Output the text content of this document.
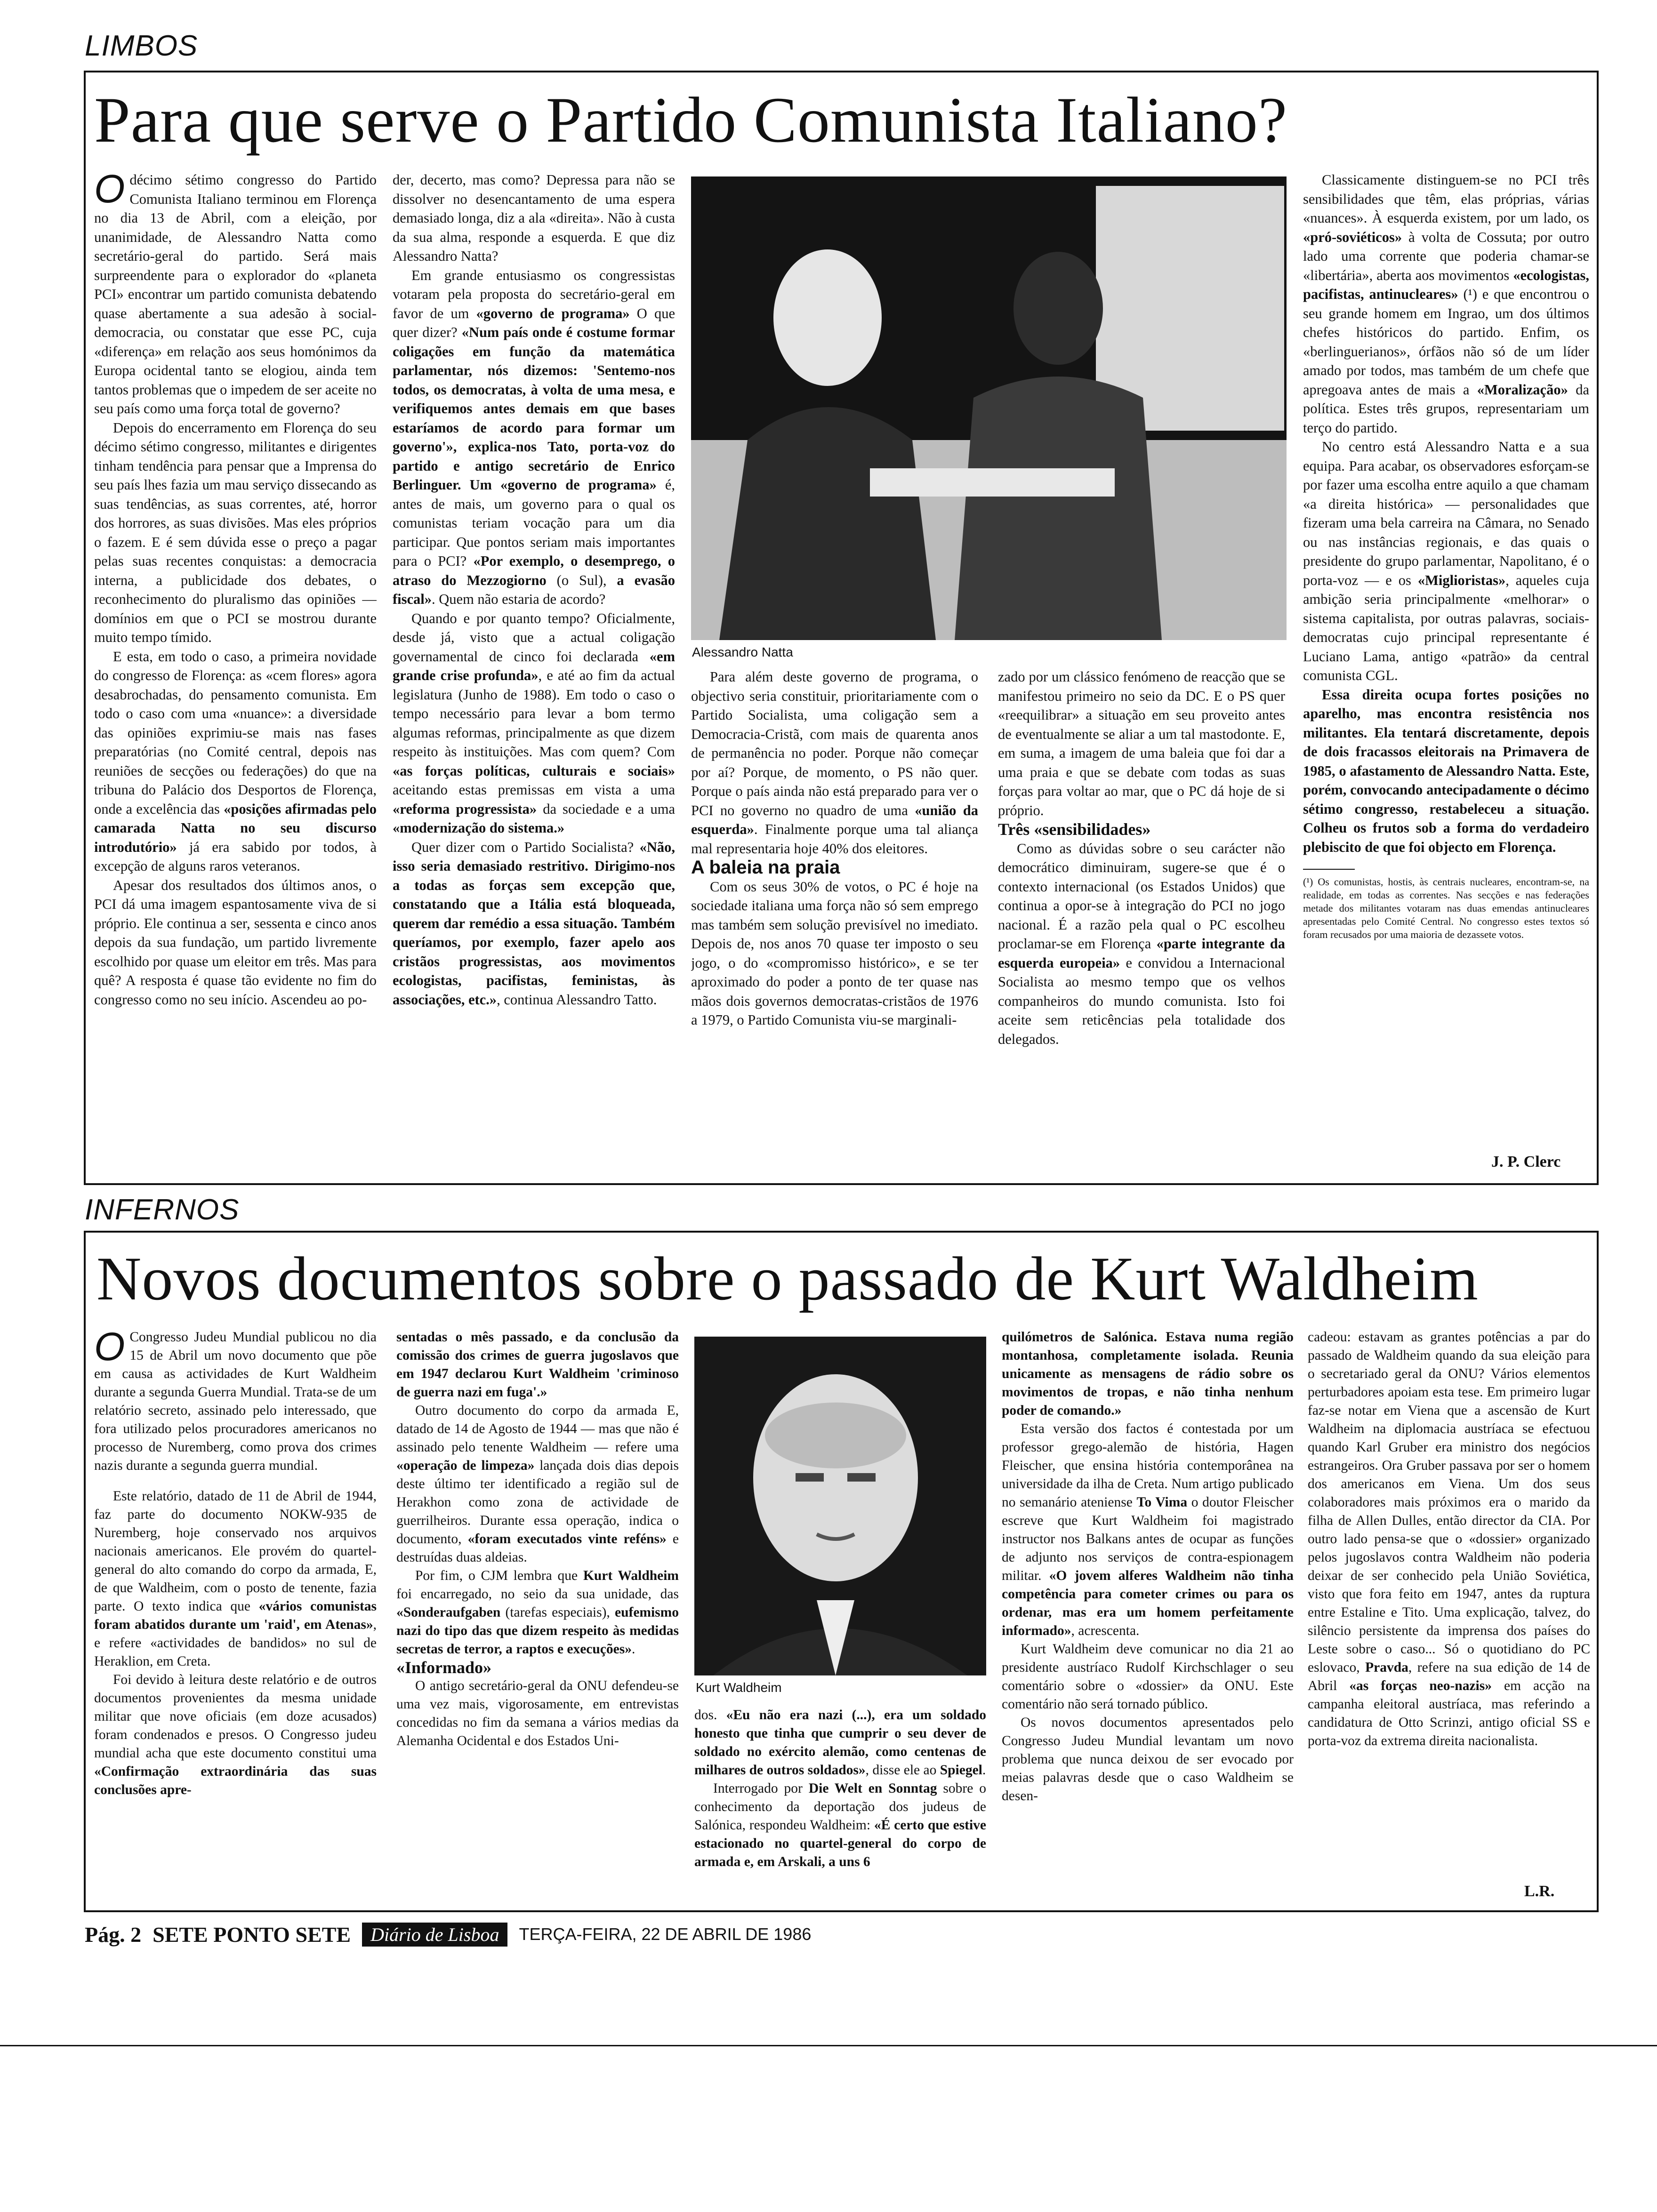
LIMBOS
Para que serve o Partido Comunista Italiano?

Odécimo sétimo congresso do Partido Comunista Italiano terminou em Florença no dia 13 de Abril, com a eleição, por unanimidade, de Alessandro Natta como secretário-geral do partido. Será mais surpreendente para o explorador do «planeta PCI» encontrar um partido comunista debatendo quase abertamente a sua adesão à social-democracia, ou constatar que esse PC, cuja «diferença» em relação aos seus homónimos da Europa ocidental tanto se elogiou, ainda tem tantos problemas que o impedem de ser aceite no seu país como uma força total de governo?

Depois do encerramento em Florença do seu décimo sétimo congresso, militantes e dirigentes tinham tendência para pensar que a Imprensa do seu país lhes fazia um mau serviço dissecando as suas tendências, as suas correntes, até, horror dos horrores, as suas divisões. Mas eles próprios o fazem. E é sem dúvida esse o preço a pagar pelas suas recentes conquistas: a democracia interna, a publicidade dos debates, o reconhecimento do pluralismo das opiniões — domínios em que o PCI se mostrou durante muito tempo tímido.

E esta, em todo o caso, a primeira novidade do congresso de Florença: as «cem flores» agora desabrochadas, do pensamento comunista. Em todo o caso com uma «nuance»: a diversidade das opiniões exprimiu-se mais nas fases preparatórias (no Comité central, depois nas reuniões de secções ou federações) do que na tribuna do Palácio dos Desportos de Florença, onde a excelência das «posições afirmadas pelo camarada Natta no seu discurso introdutório» já era sabido por todos, à excepção de alguns raros veteranos.

Apesar dos resultados dos últimos anos, o PCI dá uma imagem espantosamente viva de si próprio. Ele continua a ser, sessenta e cinco anos depois da sua fundação, um partido livremente escolhido por quase um eleitor em três. Mas para quê? A resposta é quase tão evidente no fim do congresso como no seu início. Ascendeu ao po-

der, decerto, mas como? Depressa para não se dissolver no desencantamento de uma espera demasiado longa, diz a ala «direita». Não à custa da sua alma, responde a esquerda. E que diz Alessandro Natta?

Em grande entusiasmo os congressistas votaram pela proposta do secretário-geral em favor de um «governo de programa» O que quer dizer? «Num país onde é costume formar coligações em função da matemática parlamentar, nós dizemos: 'Sentemo-nos todos, os democratas, à volta de uma mesa, e verifiquemos antes demais em que bases estaríamos de acordo para formar um governo'», explica-nos Tato, porta-voz do partido e antigo secretário de Enrico Berlinguer. Um «governo de programa» é, antes de mais, um governo para o qual os comunistas teriam vocação para um dia participar. Que pontos seriam mais importantes para o PCI? «Por exemplo, o desemprego, o atraso do Mezzogiorno (o Sul), a evasão fiscal». Quem não estaria de acordo?

Quando e por quanto tempo? Oficialmente, desde já, visto que a actual coligação governamental de cinco foi declarada «em grande crise profunda», e até ao fim da actual legislatura (Junho de 1988). Em todo o caso o tempo necessário para levar a bom termo algumas reformas, principalmente as que dizem respeito às instituições. Mas com quem? Com «as forças políticas, culturais e sociais» aceitando estas premissas em vista a uma «reforma progressista» da sociedade e a uma «modernização do sistema.»

Quer dizer com o Partido Socialista? «Não, isso seria demasiado restritivo. Dirigimo-nos a todas as forças sem excepção que, constatando que a Itália está bloqueada, querem dar remédio a essa situação. Também queríamos, por exemplo, fazer apelo aos cristãos progressistas, aos movimentos ecologistas, pacifistas, feministas, às associações, etc.», continua Alessandro Tatto.

Alessandro Natta

Para além deste governo de programa, o objectivo seria constituir, prioritariamente com o Partido Socialista, uma coligação sem a Democracia-Cristã, com mais de quarenta anos de permanência no poder. Porque não começar por aí? Porque, de momento, o PS não quer. Porque o país ainda não está preparado para ver o PCI no governo no quadro de uma «união da esquerda». Finalmente porque uma tal aliança mal representaria hoje 40% dos eleitores.

A baleia na praia

Com os seus 30% de votos, o PC é hoje na sociedade italiana uma força não só sem emprego mas também sem solução previsível no imediato. Depois de, nos anos 70 quase ter imposto o seu jogo, o do «compromisso histórico», e se ter aproximado do poder a ponto de ter quase nas mãos dois governos democratas-cristãos de 1976 a 1979, o Partido Comunista viu-se marginali-

zado por um clássico fenómeno de reacção que se manifestou primeiro no seio da DC. E o PS quer «reequilibrar» a situação em seu proveito antes de eventualmente se aliar a um tal mastodonte. E, em suma, a imagem de uma baleia que foi dar a uma praia e que se debate com todas as suas forças para voltar ao mar, que o PC dá hoje de si próprio.

Três «sensibilidades»

Como as dúvidas sobre o seu carácter não democrático diminuiram, sugere-se que é o contexto internacional (os Estados Unidos) que continua a opor-se à integração do PCI no jogo nacional. É a razão pela qual o PC escolheu proclamar-se em Florença «parte integrante da esquerda europeia» e convidou a Internacional Socialista ao mesmo tempo que os velhos companheiros do mundo comunista. Isto foi aceite sem reticências pela totalidade dos delegados.

Classicamente distinguem-se no PCI três sensibilidades que têm, elas próprias, várias «nuances». À esquerda existem, por um lado, os «pró-soviéticos» à volta de Cossuta; por outro lado uma corrente que poderia chamar-se «libertária», aberta aos movimentos «ecologistas, pacifistas, antinucleares» (¹) e que encontrou o seu grande homem em Ingrao, um dos últimos chefes históricos do partido. Enfim, os «berlinguerianos», órfãos não só de um líder amado por todos, mas também de um chefe que apregoava antes de mais a «Moralização» da política. Estes três grupos, representariam um terço do partido.

No centro está Alessandro Natta e a sua equipa. Para acabar, os observadores esforçam-se por fazer uma escolha entre aquilo a que chamam «a direita histórica» — personalidades que fizeram uma bela carreira na Câmara, no Senado ou nas instâncias regionais, e das quais o presidente do grupo parlamentar, Napolitano, é o porta-voz — e os «Miglioristas», aqueles cuja ambição seria principalmente «melhorar» o sistema capitalista, por outras palavras, sociais-democratas cujo principal representante é Luciano Lama, antigo «patrão» da central comunista CGL.

Essa direita ocupa fortes posições no aparelho, mas encontra resistência nos militantes. Ela tentará discretamente, depois de dois fracassos eleitorais na Primavera de 1985, o afastamento de Alessandro Natta. Este, porém, convocando antecipadamente o décimo sétimo congresso, restabeleceu a situação. Colheu os frutos sob a forma do verdadeiro plebiscito de que foi objecto em Florença.

(¹) Os comunistas, hostis, às centrais nucleares, encontram-se, na realidade, em todas as correntes. Nas secções e nas federações metade dos militantes votaram nas duas emendas antinucleares apresentadas pelo Comité Central. No congresso estes textos só foram recusados por uma maioria de dezassete votos.

J. P. Clerc
INFERNOS
Novos documentos sobre o passado de Kurt Waldheim

O Congresso Judeu Mundial publicou no dia 15 de Abril um novo documento que põe em causa as actividades de Kurt Waldheim durante a segunda Guerra Mundial. Trata-se de um relatório secreto, assinado pelo interessado, que fora utilizado pelos procuradores americanos no processo de Nuremberg, como prova dos crimes nazis durante a segunda guerra mundial.

Este relatório, datado de 11 de Abril de 1944, faz parte do documento NOKW-935 de Nuremberg, hoje conservado nos arquivos nacionais americanos. Ele provém do quartel-general do alto comando do corpo da armada, E, de que Waldheim, com o posto de tenente, fazia parte. O texto indica que «vários comunistas foram abatidos durante um 'raid', em Atenas», e refere «actividades de bandidos» no sul de Heraklion, em Creta.

Foi devido à leitura deste relatório e de outros documentos provenientes da mesma unidade militar que nove oficiais (em doze acusados) foram condenados e presos. O Congresso judeu mundial acha que este documento constitui uma «Confirmação extraordinária das suas conclusões apre-

sentadas o mês passado, e da conclusão da comissão dos crimes de guerra jugoslavos que em 1947 declarou Kurt Waldheim 'criminoso de guerra nazi em fuga'.»

Outro documento do corpo da armada E, datado de 14 de Agosto de 1944 — mas que não é assinado pelo tenente Waldheim — refere uma «operação de limpeza» lançada dois dias depois deste último ter identificado a região sul de Herakhon como zona de actividade de guerrilheiros. Durante essa operação, indica o documento, «foram executados vinte reféns» e destruídas duas aldeias.

Por fim, o CJM lembra que Kurt Waldheim foi encarregado, no seio da sua unidade, das «Sonderaufgaben (tarefas especiais), eufemismo nazi do tipo das que dizem respeito às medidas secretas de terror, a raptos e execuções».

«Informado»

O antigo secretário-geral da ONU defendeu-se uma vez mais, vigorosamente, em entrevistas concedidas no fim da semana a vários medias da Alemanha Ocidental e dos Estados Uni-

Kurt Waldheim

dos. «Eu não era nazi (...), era um soldado honesto que tinha que cumprir o seu dever de soldado no exército alemão, como centenas de milhares de outros soldados», disse ele ao Spiegel.

Interrogado por Die Welt en Sonntag sobre o conhecimento da deportação dos judeus de Salónica, respondeu Waldheim: «É certo que estive estacionado no quartel-general do corpo de armada e, em Arskali, a uns 6

quilómetros de Salónica. Estava numa região montanhosa, completamente isolada. Reunia unicamente as mensagens de rádio sobre os movimentos de tropas, e não tinha nenhum poder de comando.»

Esta versão dos factos é contestada por um professor grego-alemão de história, Hagen Fleischer, que ensina história contemporânea na universidade da ilha de Creta. Num artigo publicado no semanário ateniense To Vima o doutor Fleischer escreve que Kurt Waldheim foi magistrado instructor nos Balkans antes de ocupar as funções de adjunto nos serviços de contra-espionagem militar. «O jovem alferes Waldheim não tinha competência para cometer crimes ou para os ordenar, mas era um homem perfeitamente informado», acrescenta.

Kurt Waldheim deve comunicar no dia 21 ao presidente austríaco Rudolf Kirchschlager o seu comentário sobre o «dossier» da ONU. Este comentário não será tornado público.

Os novos documentos apresentados pelo Congresso Judeu Mundial levantam um novo problema que nunca deixou de ser evocado por meias palavras desde que o caso Waldheim se desen-

cadeou: estavam as grantes potências a par do passado de Waldheim quando da sua eleição para o secretariado geral da ONU? Vários elementos perturbadores apoiam esta tese. Em primeiro lugar faz-se notar em Viena que a ascensão de Kurt Waldheim na diplomacia austríaca se efectuou quando Karl Gruber era ministro dos negócios estrangeiros. Ora Gruber passava por ser o homem dos americanos em Viena. Um dos seus colaboradores mais próximos era o marido da filha de Allen Dulles, então director da CIA. Por outro lado pensa-se que o «dossier» organizado pelos jugoslavos contra Waldheim não poderia deixar de ser conhecido pela União Soviética, visto que fora feito em 1947, antes da ruptura entre Estaline e Tito. Uma explicação, talvez, do silêncio persistente da imprensa dos países do Leste sobre o caso... Só o quotidiano do PC eslovaco, Pravda, refere na sua edição de 14 de Abril «as forças neo-nazis» em acção na campanha eleitoral austríaca, mas referindo a candidatura de Otto Scrinzi, antigo oficial SS e porta-voz da extrema direita nacionalista.

L.R.
Pág. 2 SETE PONTO SETE	Diário de Lisboa	TERÇA-FEIRA, 22 DE ABRIL DE 1986
